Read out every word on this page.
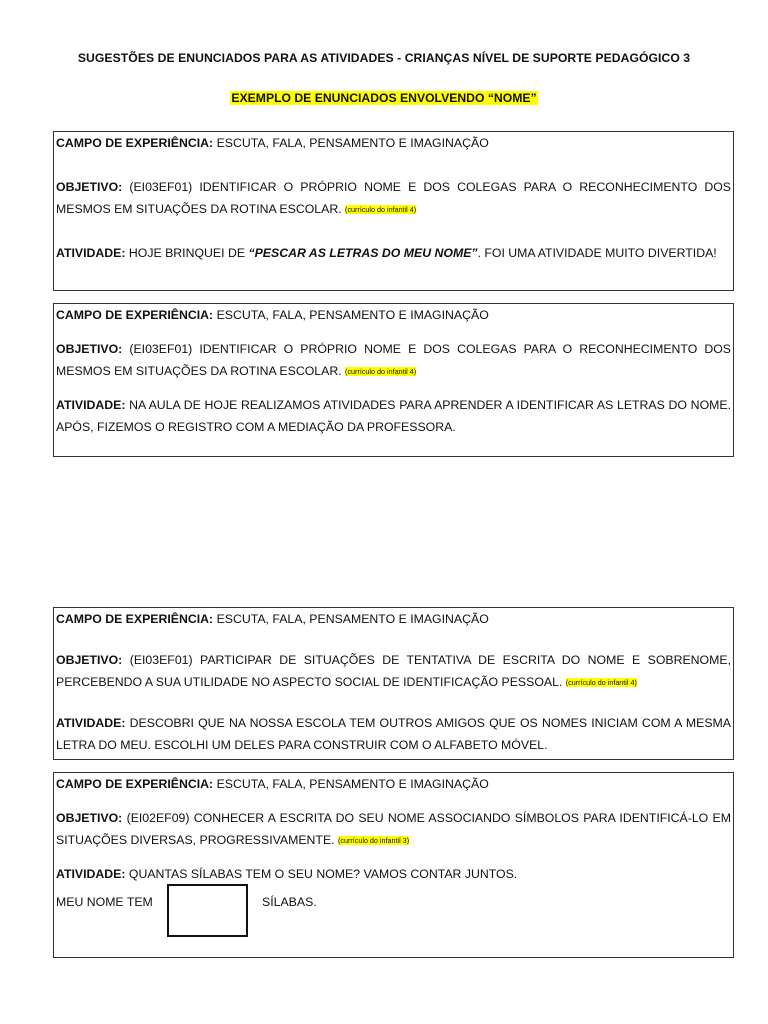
SUGESTÕES DE ENUNCIADOS PARA AS ATIVIDADES - CRIANÇAS NÍVEL DE SUPORTE PEDAGÓGICO 3
EXEMPLO DE ENUNCIADOS ENVOLVENDO “NOME”

CAMPO DE EXPERIÊNCIA: ESCUTA, FALA, PENSAMENTO E IMAGINAÇÃO

OBJETIVO: (EI03EF01) IDENTIFICAR O PRÓPRIO NOME E DOS COLEGAS PARA O RECONHECIMENTO DOS MESMOS EM SITUAÇÕES DA ROTINA ESCOLAR. (currículo do infantil 4)

ATIVIDADE: HOJE BRINQUEI DE “PESCAR AS LETRAS DO MEU NOME”. FOI UMA ATIVIDADE MUITO DIVERTIDA!

CAMPO DE EXPERIÊNCIA: ESCUTA, FALA, PENSAMENTO E IMAGINAÇÃO

OBJETIVO: (EI03EF01) IDENTIFICAR O PRÓPRIO NOME E DOS COLEGAS PARA O RECONHECIMENTO DOS MESMOS EM SITUAÇÕES DA ROTINA ESCOLAR. (currículo do infantil 4)

ATIVIDADE: NA AULA DE HOJE REALIZAMOS ATIVIDADES PARA APRENDER A IDENTIFICAR AS LETRAS DO NOME. APÓS, FIZEMOS O REGISTRO COM A MEDIAÇÃO DA PROFESSORA.

CAMPO DE EXPERIÊNCIA: ESCUTA, FALA, PENSAMENTO E IMAGINAÇÃO

OBJETIVO: (EI03EF01) PARTICIPAR DE SITUAÇÕES DE TENTATIVA DE ESCRITA DO NOME E SOBRENOME, PERCEBENDO A SUA UTILIDADE NO ASPECTO SOCIAL DE IDENTIFICAÇÃO PESSOAL. (currículo do infantil 4)

ATIVIDADE: DESCOBRI QUE NA NOSSA ESCOLA TEM OUTROS AMIGOS QUE OS NOMES INICIAM COM A MESMA LETRA DO MEU. ESCOLHI UM DELES PARA CONSTRUIR COM O ALFABETO MÓVEL.

CAMPO DE EXPERIÊNCIA: ESCUTA, FALA, PENSAMENTO E IMAGINAÇÃO

OBJETIVO: (EI02EF09) CONHECER A ESCRITA DO SEU NOME ASSOCIANDO SÍMBOLOS PARA IDENTIFICÁ-LO EM SITUAÇÕES DIVERSAS, PROGRESSIVAMENTE. (currículo do infantil 3)

ATIVIDADE: QUANTAS SÍLABAS TEM O SEU NOME? VAMOS CONTAR JUNTOS.

MEU NOME TEM	SÍLABAS.
